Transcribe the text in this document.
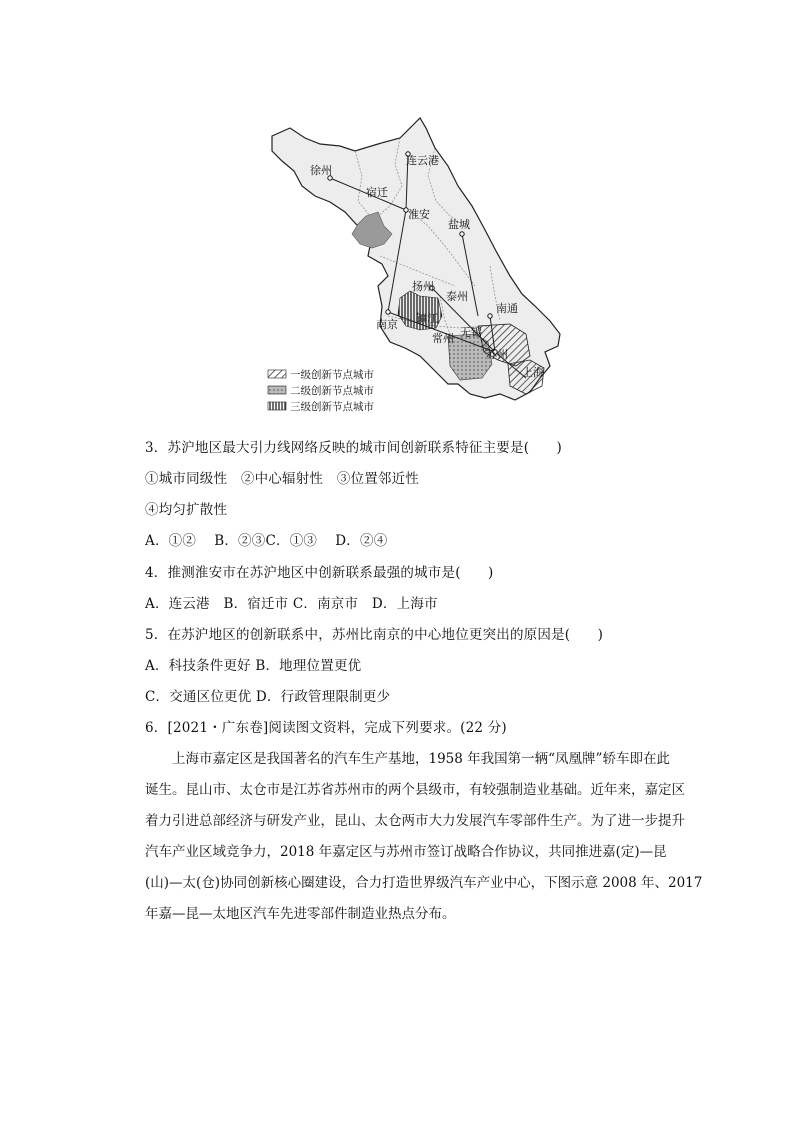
连云港
徐州
宿迁
淮安
盐城
扬州
泰州
南京 镇江
南通
常州 无锡
苏州
上海
一级创新节点城市
二级创新节点城市
三级创新节点城市
3．苏沪地区最大引力线网络反映的城市间创新联系特征主要是(　　)
①城市同级性　②中心辐射性　③位置邻近性
④均匀扩散性
A．①②　 B．②③C．①③　 D．②④
4．推测淮安市在苏沪地区中创新联系最强的城市是(　　)
A．连云港　B．宿迁市 C．南京市　D．上海市
5．在苏沪地区的创新联系中，苏州比南京的中心地位更突出的原因是(　　)
A．科技条件更好 B．地理位置更优
C．交通区位更优 D．行政管理限制更少
6．[2021・广东卷]阅读图文资料，完成下列要求。(22 分)
　　上海市嘉定区是我国著名的汽车生产基地，1958 年我国第一辆“凤凰牌”轿车即在此
诞生。昆山市、太仓市是江苏省苏州市的两个县级市，有较强制造业基础。近年来，嘉定区
着力引进总部经济与研发产业，昆山、太仓两市大力发展汽车零部件生产。为了进一步提升
汽车产业区域竞争力，2018 年嘉定区与苏州市签订战略合作协议，共同推进嘉(定)—昆
(山)—太(仓)协同创新核心圈建设，合力打造世界级汽车产业中心，下图示意 2008 年、2017
年嘉—昆—太地区汽车先进零部件制造业热点分布。
